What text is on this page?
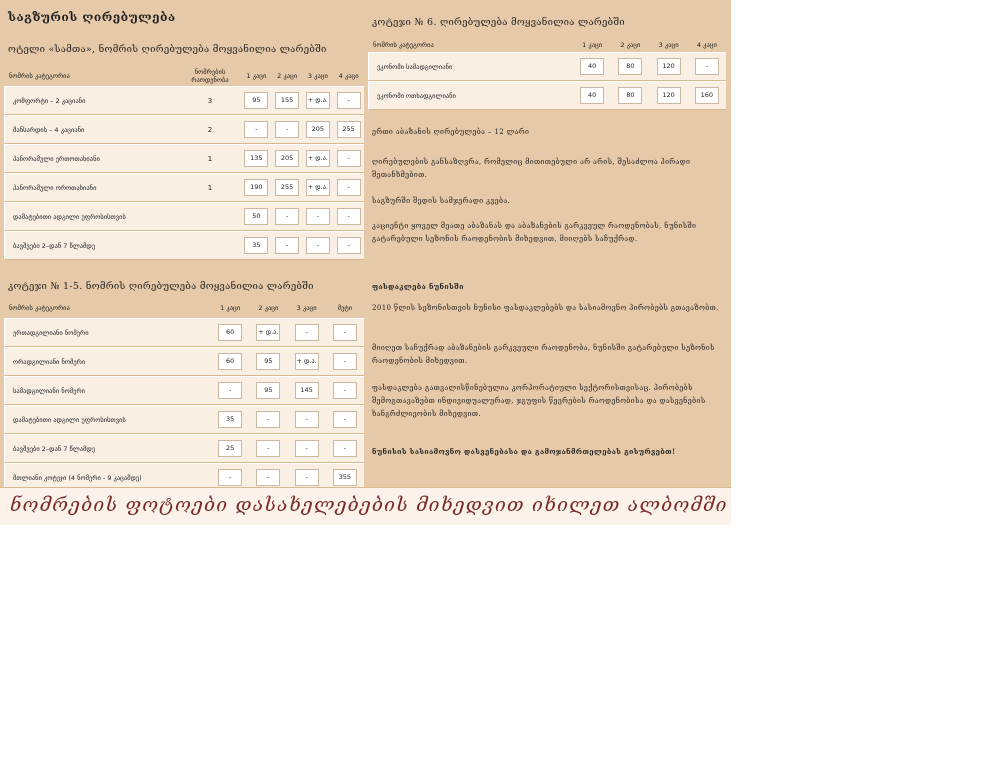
საგზურის ღირებულება
ოტელი «სამთა», ნომრის ღირებულება მოყვანილია ლარებში
ნომრის კატეგორია	ნომრების რაოდენობა	1 კაცი	2 კაცი	3 კაცი	4 კაცი
კომფორტი – 2 კაციანი	3	95	155	+ დ.ა.	-
მანსარდის – 4 კაციანი	2	-	-	205	255
პანორამული ერთოთახიანი	1	135	205	+ დ.ა.	-
პანორამული ოროთახიანი	1	190	255	+ დ.ა.	-
დამატებითი ადგილი უფროსისთვის		50	-	-	-
ბავშვები 2–დან 7 წლამდე		35	-	-	-
კოტეჯი № 1-5. ნომრის ღირებულება მოყვანილია ლარებში
ნომრის კატეგორია	1 კაცი	2 კაცი	3 კაცი	მეტი
ერთადგილიანი ნომერი	60	+ დ.ა.	-	-
ორადგილიანი ნომერი	60	95	+ დ.ა.	-
სამადგილიანი ნომერი	-	95	145	-
დამატებითი ადგილი უფროსისთვის	35	-	-	-
ბავშვები 2–დან 7 წლამდე	25	-	-	-
მთლიანი კოტეჯი (4 ნომერი - 9 კაცამდე)	-	-	-	355
კოტეჯი № 6. ღირებულება მოყვანილია ლარებში
ნომრის კატეგორია	1 კაცი	2 კაცი	3 კაცი	4 კაცი
ეკონომი სამადგილიანი	40	80	120	-
ეკონომი ოთხადგილიანი	40	80	120	160
ერთი აბაზანის ღირებულება – 12 ლარი
ღირებულების განსაზღვრა, რომელიც მითითებული არ არის, შესაძლოა პირადი შეთანხმებით.
საგზურში შედის სამჯერადი კვება.
კაციენტი ყოველ მეათე აბაზანას და აბაზანების გარკვეულ რაოდენობას, ნუნისში გატარებული სეზონის რაოდენობის მიხედვით, მიიღებს საჩუქრად.
ფასდაკლება ნუნისში
2010 წლის სეზონისთვის ნუნისი ფასდაკლებებს და სასიამოვნო პირობებს გთავაზობთ.
მიიღეთ საჩუქრად აბაზანების გარკვეული რაოდენობა, ნუნისში გატარებული სეზონის რაოდენობის მიხედვით.
ფასდაკლება გათვალისწინებულია კორპორატიული სექტორისთვისაც. პირობებს შემოგთავაზებთ ინდივიდუალურად, ჯგუფის წევრების რაოდენობისა და დასვენების ხანგრძლივობის მიხედვით.
ნუნისის სასიამოვნო დასვენებასა და გამოჯანმრთელებას გისურვებთ!
ნომრების ფოტოები დასახელებების მიხედვით იხილეთ ალბომში
